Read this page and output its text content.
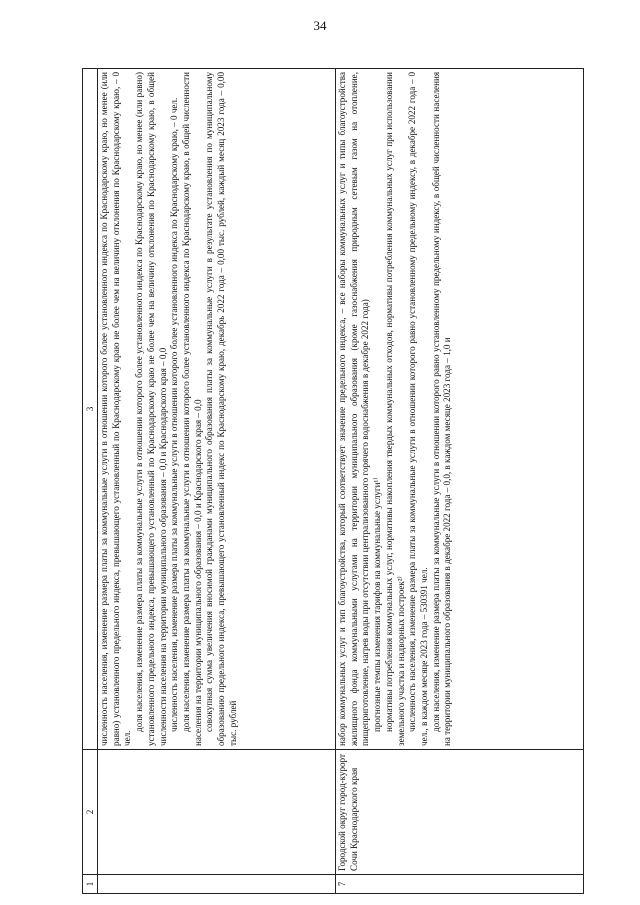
34
1	2	3

		численность населения, изменение размера платы за коммунальные услуги в отношении которого более установленного индекса по Краснодарскому краю, но менее (или равно) установленного предельного индекса, превышающего установленный по Краснодарскому краю не более чем на величину отклонения по Краснодарскому краю, – 0 чел.

доля населения, изменение размера платы за коммунальные услуги в отношении которого более установленного индекса по Краснодарскому краю, но менее (или равно) установленного предельного индекса, превышающего установленный по Краснодарскому краю не более чем на величину отклонения по Краснодарскому краю, в общей численности населения на территории муниципального образования – 0,0 и Краснодарского края – 0,0 численность населения, изменение размера платы за коммунальные услуги в отношении которого более установленного индекса по Краснодарскому краю, – 0 чел. доля населения, изменение размера платы за коммунальные услуги в отношении которого более установленного индекса по Краснодарскому краю, в общей численности населения на территории муниципального образования – 0,0 и Краснодарского края – 0,0 совокупная сумма увеличения вносимой гражданами муниципального образования платы за коммунальные услуги в результате установления по муниципальному образованию предельного индекса, превышающего установленный индекс по Краснодарскому краю, декабрь 2022 года – 0,00 тыс. рублей, каждый месяц 2023 года – 0,00 тыс. рублей

7	Городской округ город-курорт Сочи Краснодарского края	набор коммунальных услуг и тип благоустройства, который соответствует значение предельного индекса, – все наборы коммунальных услуг и типы благоустройства жилищного фонда коммунальными услугами на территории муниципального образования (кроме газоснабжения природным сетевым газом на отопление, пищеприготовление, нагрев воды при отсутствии централизованного горячего водоснабжения в декабре 2022 года) прогнозные темпы изменения тарифов на коммунальные услуги¹⁾ нормативы потребления коммунальных услуг, нормативы накопления твердых коммунальных отходов, нормативы потребления коммунальных услуг при использовании земельного участка и надворных построек²⁾ численность населения, изменение размера платы за коммунальные услуги в отношении которого равно установленному предельному индексу, в декабре 2022 года – 0 чел., в каждом месяце 2023 года – 530391 чел. доля населения, изменение размера платы за коммунальные услуги в отношении которого равно установленному предельному индексу, в общей численности населения на территории муниципального образования в декабре 2022 года – 0,0, в каждом месяце 2023 года – 1,0 и
